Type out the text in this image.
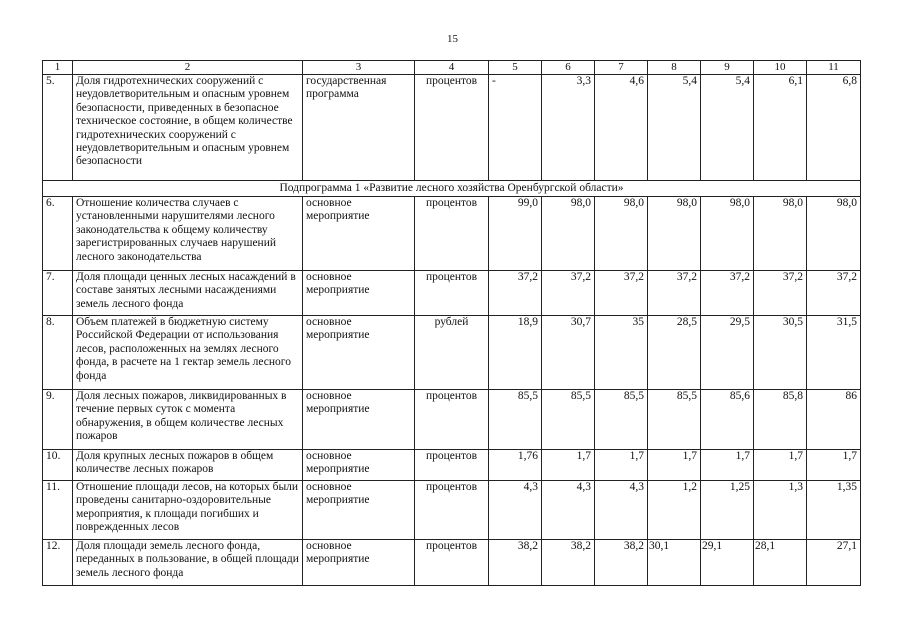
15
1	2	3	4	5	6	7	8	9	10	11
5.	Доля гидротехнических сооружений с неудовлетворительным и опасным уровнем безопасности, приведенных в безопасное техническое состояние, в общем количестве гидротехнических сооружений с неудовлетворительным и опасным уровнем безопасности	государственная программа	процентов	-	3,3	4,6	5,4	5,4	6,1	6,8
Подпрограмма 1 «Развитие лесного хозяйства Оренбургской области»										
6.	Отношение количества случаев с установленными нарушителями лесного законодательства к общему количеству зарегистрированных случаев нарушений лесного законодательства	основное мероприятие	процентов	99,0	98,0	98,0	98,0	98,0	98,0	98,0
7.	Доля площади ценных лесных насаждений в составе занятых лесными насаждениями земель лесного фонда	основное мероприятие	процентов	37,2	37,2	37,2	37,2	37,2	37,2	37,2
8.	Объем платежей в бюджетную систему Российской Федерации от использования лесов, расположенных на землях лесного фонда, в расчете на 1 гектар земель лесного фонда	основное мероприятие	рублей	18,9	30,7	35	28,5	29,5	30,5	31,5
9.	Доля лесных пожаров, ликвидированных в течение первых суток с момента обнаружения, в общем количестве лесных пожаров	основное мероприятие	процентов	85,5	85,5	85,5	85,5	85,6	85,8	86
10.	Доля крупных лесных пожаров в общем количестве лесных пожаров	основное мероприятие	процентов	1,76	1,7	1,7	1,7	1,7	1,7	1,7
11.	Отношение площади лесов, на которых были проведены санитарно-оздоровительные мероприятия, к площади погибших и поврежденных лесов	основное мероприятие	процентов	4,3	4,3	4,3	1,2	1,25	1,3	1,35
12.	Доля площади земель лесного фонда, переданных в пользование, в общей площади земель лесного фонда	основное мероприятие	процентов	38,2	38,2	38,2	30,1	29,1	28,1	27,1
